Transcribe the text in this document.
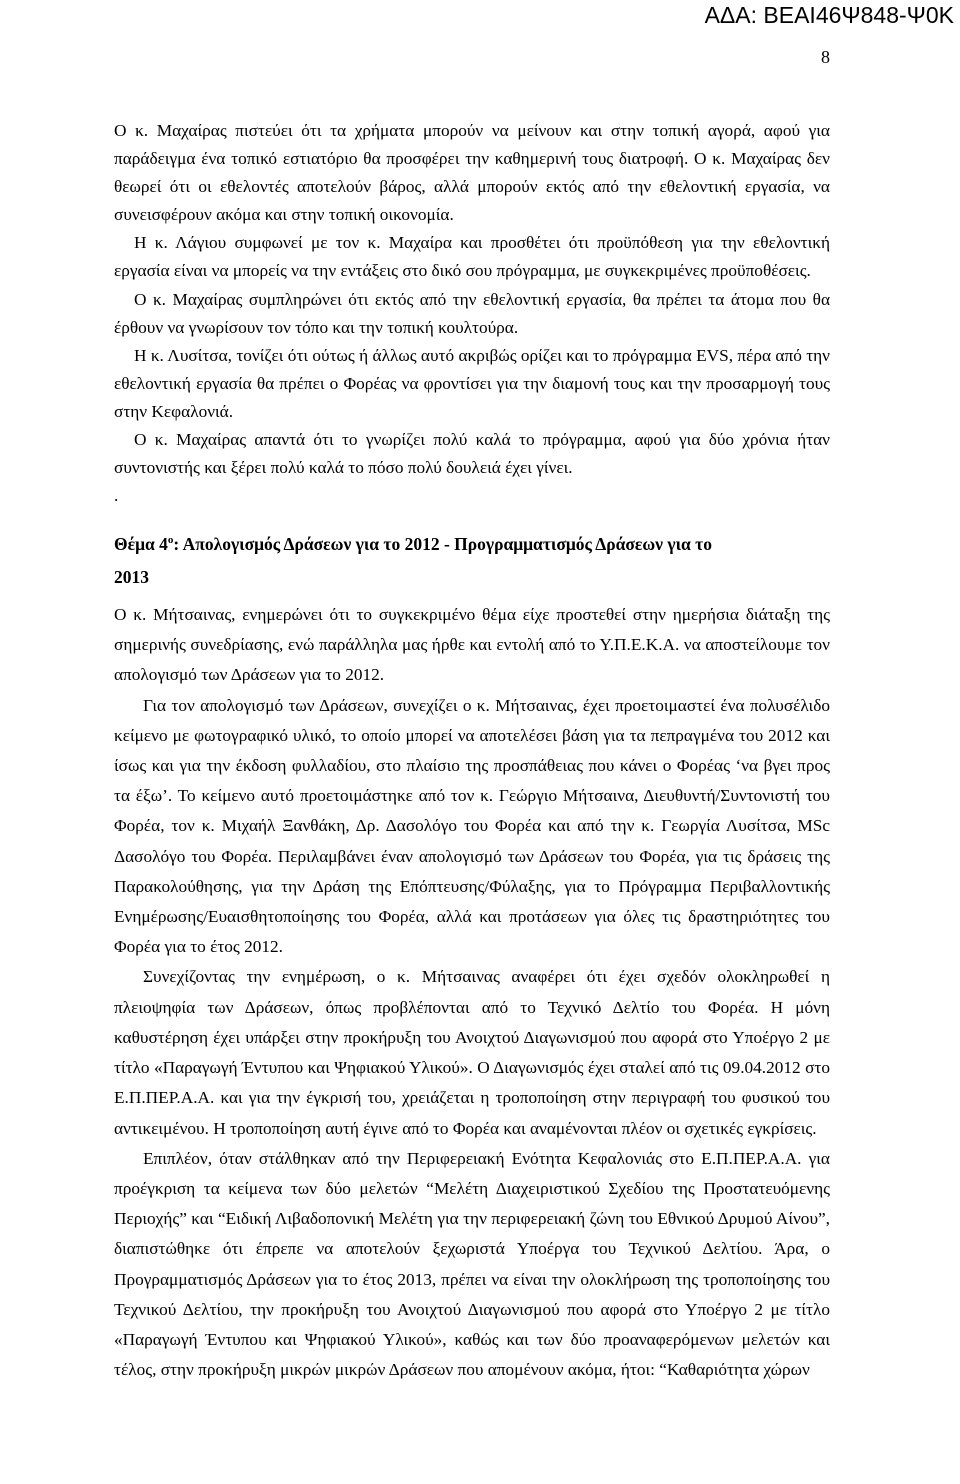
ΑΔΑ: ΒΕΑΙ46Ψ848-Ψ0Κ
8

Ο κ. Μαχαίρας πιστεύει ότι τα χρήματα μπορούν να μείνουν και στην τοπική αγορά, αφού για παράδειγμα ένα τοπικό εστιατόριο θα προσφέρει την καθημερινή τους διατροφή. Ο κ. Μαχαίρας δεν θεωρεί ότι οι εθελοντές αποτελούν βάρος, αλλά μπορούν εκτός από την εθελοντική εργασία, να συνεισφέρουν ακόμα και στην τοπική οικονομία.

Η κ. Λάγιου συμφωνεί με τον κ. Μαχαίρα και προσθέτει ότι προϋπόθεση για την εθελοντική εργασία είναι να μπορείς να την εντάξεις στο δικό σου πρόγραμμα, με συγκεκριμένες προϋποθέσεις.

Ο κ. Μαχαίρας συμπληρώνει ότι εκτός από την εθελοντική εργασία, θα πρέπει τα άτομα που θα έρθουν να γνωρίσουν τον τόπο και την τοπική κουλτούρα.

Η κ. Λυσίτσα, τονίζει ότι ούτως ή άλλως αυτό ακριβώς ορίζει και το πρόγραμμα EVS, πέρα από την εθελοντική εργασία θα πρέπει ο Φορέας να φροντίσει για την διαμονή τους και την προσαρμογή τους στην Κεφαλονιά.

Ο κ. Μαχαίρας απαντά ότι το γνωρίζει πολύ καλά το πρόγραμμα, αφού για δύο χρόνια ήταν συντονιστής και ξέρει πολύ καλά το πόσο πολύ δουλειά έχει γίνει.

.

Θέμα $4^o$: Απολογισμός Δράσεων για το 2012 - Προγραμματισμός Δράσεων για το
2013

Ο κ. Μήτσαινας, ενημερώνει ότι το συγκεκριμένο θέμα είχε προστεθεί στην ημερήσια διάταξη της σημερινής συνεδρίασης, ενώ παράλληλα μας ήρθε και εντολή από το Υ.Π.Ε.Κ.Α. να αποστείλουμε τον απολογισμό των Δράσεων για το 2012.

Για τον απολογισμό των Δράσεων, συνεχίζει ο κ. Μήτσαινας, έχει προετοιμαστεί ένα πολυσέλιδο κείμενο με φωτογραφικό υλικό, το οποίο μπορεί να αποτελέσει βάση για τα πεπραγμένα του 2012 και ίσως και για την έκδοση φυλλαδίου, στο πλαίσιο της προσπάθειας που κάνει ο Φορέας ‘να βγει προς τα έξω’. Το κείμενο αυτό προετοιμάστηκε από τον κ. Γεώργιο Μήτσαινα, Διευθυντή/Συντονιστή του Φορέα, τον κ. Μιχαήλ Ξανθάκη, Δρ. Δασολόγο του Φορέα και από την κ. Γεωργία Λυσίτσα, MSc Δασολόγο του Φορέα. Περιλαμβάνει έναν απολογισμό των Δράσεων του Φορέα, για τις δράσεις της Παρακολούθησης, για την Δράση της Επόπτευσης/Φύλαξης, για το Πρόγραμμα Περιβαλλοντικής Ενημέρωσης/Ευαισθητοποίησης του Φορέα, αλλά και προτάσεων για όλες τις δραστηριότητες του Φορέα για το έτος 2012.

Συνεχίζοντας την ενημέρωση, ο κ. Μήτσαινας αναφέρει ότι έχει σχεδόν ολοκληρωθεί η πλειοψηφία των Δράσεων, όπως προβλέπονται από το Τεχνικό Δελτίο του Φορέα. Η μόνη καθυστέρηση έχει υπάρξει στην προκήρυξη του Ανοιχτού Διαγωνισμού που αφορά στο Υποέργο 2 με τίτλο «Παραγωγή Έντυπου και Ψηφιακού Υλικού». Ο Διαγωνισμός έχει σταλεί από τις 09.04.2012 στο Ε.Π.ΠΕΡ.Α.Α. και για την έγκρισή του, χρειάζεται η τροποποίηση στην περιγραφή του φυσικού του αντικειμένου. Η τροποποίηση αυτή έγινε από το Φορέα και αναμένονται πλέον οι σχετικές εγκρίσεις.

Επιπλέον, όταν στάλθηκαν από την Περιφερειακή Ενότητα Κεφαλονιάς στο Ε.Π.ΠΕΡ.Α.Α. για προέγκριση τα κείμενα των δύο μελετών “Μελέτη Διαχειριστικού Σχεδίου της Προστατευόμενης Περιοχής” και “Ειδική Λιβαδοπονική Μελέτη για την περιφερειακή ζώνη του Εθνικού Δρυμού Αίνου”, διαπιστώθηκε ότι έπρεπε να αποτελούν ξεχωριστά Υποέργα του Τεχνικού Δελτίου. Άρα, ο Προγραμματισμός Δράσεων για το έτος 2013, πρέπει να είναι την ολοκλήρωση της τροποποίησης του Τεχνικού Δελτίου, την προκήρυξη του Ανοιχτού Διαγωνισμού που αφορά στο Υποέργο 2 με τίτλο «Παραγωγή Έντυπου και Ψηφιακού Υλικού», καθώς και των δύο προαναφερόμενων μελετών και τέλος, στην προκήρυξη μικρών μικρών Δράσεων που απομένουν ακόμα, ήτοι: “Καθαριότητα χώρων
